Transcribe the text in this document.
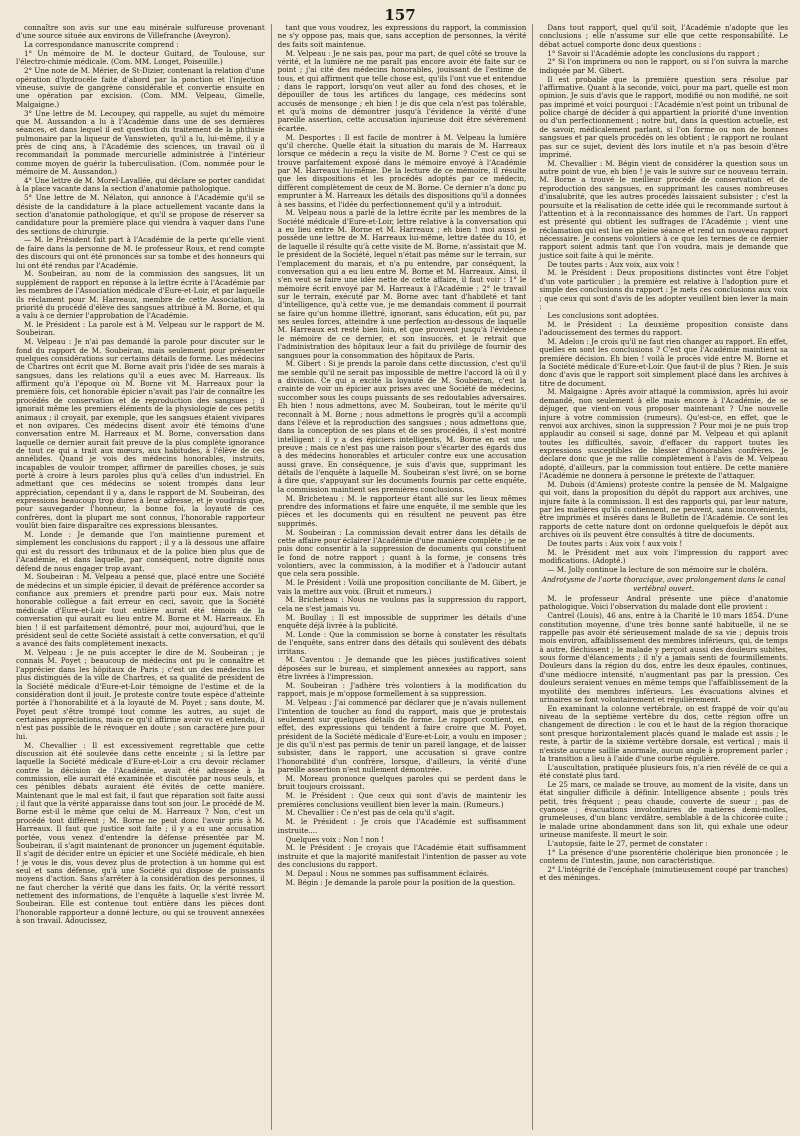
157

connaître son avis sur une eau minérale sulfureuse provenant d'une source située aux environs de Villefranche (Aveyron).

La correspondance manuscrite comprend :

1° Un mémoire de M. le docteur Guitard, de Toulouse, sur l'électro-chimie médicale. (Com. MM. Longet, Poiseuille.)

2° Une note de M. Mérier, de St-Dizier, contenant la relation d'une opération d'hydrocèle faite d'abord par la ponction et l'injection vineuse, suivie de gangrène considérable et convertie ensuite en une opération par excision. (Com. MM. Velpeau, Gimelle, Malgaigne.)

3° Une lettre de M. Lecoupey, qui rappelle, au sujet du mémoire que M. Aussandon a lu à l'Académie dans une de ses dernières séances, et dans lequel il est question du traitement de la phthisie pulmonaire par la liqueur de Vanswieten, qu'il a lu, lui-même, il y a près de cinq ans, à l'Académie des sciences, un travail où il recommandait la pommade mercurielle administrée à l'intérieur comme moyen de guérir la tuberculisation. (Com. nommée pour le mémoire de M. Aussandon.)

4° Une lettre de M. Morel-Lavallée, qui déclare se porter candidat à la place vacante dans la section d'anatomie pathologique.

5° Une lettre de M. Nélaton, qui annonce à l'Académie qu'il se désiste de la candidature à la place actuellement vacante dans la section d'anatomie pathologique, et qu'il se propose de réserver sa candidature pour la première place qui viendra à vaquer dans l'une des sections de chirurgie.

— M. le Président fait part à l'Académie de la perte qu'elle vient de faire dans la personne de M. le professeur Roux, et rend compte des discours qui ont été prononcés sur sa tombe et des honneurs qui lui ont été rendus par l'Académie.

M. Soubeiran, au nom de la commission des sangsues, lit un supplément de rapport en réponse à la lettre écrite à l'Académie par les membres de l'Association médicale d'Eure-et-Loir, et par laquelle ils réclament pour M. Harreaux, membre de cette Association, la priorité du procédé d'élève des sangsues attribué à M. Borne, et qui a valu à ce dernier l'approbation de l'Académie.

M. le Président : La parole est à M. Velpeau sur le rapport de M. Soubeiran.

M. Velpeau : Je n'ai pas demandé la parole pour discuter sur le fond du rapport de M. Soubeiran, mais seulement pour présenter quelques considérations sur certains détails de forme. Les médecins de Chartres ont écrit que M. Borne avait pris l'idée de ses marais à sangsues, dans les relations qu'il a eues avec M. Harreaux. Ils affirment qu'à l'époque où M. Borne vit M. Harreaux pour la première fois, cet honorable épicier n'avait pas l'air de connaître les procédés de conservation et de reproduction des sangsues ; il ignorait même les premiers éléments de la physiologie de ces petits animaux ; il croyait, par exemple, que les sangsues étaient vivipares et non ovipares. Ces médecins disent avoir été témoins d'une conversation entre M. Harreaux et M. Borne, conversation dans laquelle ce dernier aurait fait preuve de la plus complète ignorance de tout ce qui a trait aux mœurs, aux habitudes, à l'élève de ces annélides. Quand je vois des médecins honorables, instruits, incapables de vouloir tromper, affirmer de pareilles choses, je suis porté à croire à leurs paroles plus qu'à celles d'un industriel. En admettant que ces médecins se soient trompés dans leur appréciation, cependant il y a, dans le rapport de M. Soubeiran, des expressions beaucoup trop dures à leur adresse, et je voudrais que, pour sauvegarder l'honneur, la bonne foi, la loyauté de ces confrères, dont la plupart me sont connus, l'honorable rapporteur voulût bien faire disparaître ces expressions blessantes.

M. Londe : Je demande que l'on maintienne purement et simplement les conclusions du rapport ; il y a là dessous une affaire qui est du ressort des tribunaux et de la police bien plus que de l'Académie, et dans laquelle, par conséquent, notre dignité nous défend de nous engager trop avant.

M. Soubeiran : M. Velpeau a pensé que, placé entre une Société de médecins et un simple épicier, il devait de préférence accorder sa confiance aux premiers et prendre parti pour eux. Mais notre honorable collègue a fait erreur en ceci, savoir, que la Société médicale d'Eure-et-Loir tout entière aurait été témoin de la conversation qui aurait eu lieu entre M. Borne et M. Harreaux. Eh bien ! il est parfaitement démontré, pour moi, aujourd'hui, que le président seul de cette Société assistait à cette conversation, et qu'il a avancé des faits complètement inexacts.

M. Velpeau : Je ne puis accepter le dire de M. Soubeiran ; je connais M. Poyet ; beaucoup de médecins ont pu le connaître et l'apprécier dans les hôpitaux de Paris ; c'est un des médecins les plus distingués de la ville de Chartres, et sa qualité de président de la Société médicale d'Eure-et-Loir témoigne de l'estime et de la considération dont il jouit. Je proteste contre toute espèce d'atteinte portée à l'honorabilité et à la loyauté de M. Poyet ; sans doute, M. Poyet peut s'être trompé tout comme les autres, au sujet de certaines appréciations, mais ce qu'il affirme avoir vu et entendu, il n'est pas possible de le révoquer en doute ; son caractère jure pour lui.

M. Chevallier : Il est excessivement regrettable que cette discussion ait été soulevée dans cette enceinte ; si la lettre par laquelle la Société médicale d'Eure-et-Loir a cru devoir réclamer contre la décision de l'Académie, avait été adressée à la commission, elle aurait été examinée et discutée par nous seuls, et ces pénibles débats auraient été évités de cette manière. Maintenant que le mal est fait, il faut que réparation soit faite aussi ; il faut que la vérité apparaisse dans tout son jour. Le procédé de M. Borne est-il le même que celui de M. Harreaux ? Non, c'est un procédé tout différent ; M. Borne ne peut donc l'avoir pris à M. Harreaux. Il faut que justice soit faite ; il y a eu une accusation portée, vous venez d'entendre la défense présentée par M. Soubeiran, il s'agit maintenant de prononcer un jugement équitable. Il s'agit de décider entre un épicier et une Société médicale, eh bien ! je vous le dis, vous devez plus de protection à un homme qui est seul et sans défense, qu'à une Société qui dispose de puissants moyens d'action. Sans s'arrêter à la considération des personnes, il ne faut chercher la vérité que dans les faits. Or, la vérité ressort nettement des informations, de l'enquête à laquelle s'est livrée M. Soubeiran. Elle est contenue tout entière dans les pièces dont l'honorable rapporteur a donné lecture, ou qui se trouvent annexées à son travail. Adoucissez,

tant que vous voudrez, les expressions du rapport, la commission ne s'y oppose pas, mais que, sans acception de personnes, la vérité des faits soit maintenue.

M. Velpeau : Je ne sais pas, pour ma part, de quel côté se trouve la vérité, et la lumière ne me paraît pas encore avoir été faite sur ce point ; j'ai cité des médecins honorables, jouissant de l'estime de tous, et qui affirment que telle chose est, qu'ils l'ont vue et entendue ; dans le rapport, lorsqu'on veut aller au fond des choses, et le dépouiller de tous les artifices du langage, ces médecins sont accusés de mensonge ; eh bien ! je dis que cela n'est pas tolérable, et qu'à moins de démontrer jusqu'à l'évidence la vérité d'une pareille assertion, cette accusation injurieuse doit être sévèrement écartée.

M. Desportes : Il est facile de montrer à M. Velpeau la lumière qu'il cherche. Quelle était la situation du marais de M. Harreaux lorsque ce médecin a reçu la visite de M. Borne ? C'est ce qui se trouve parfaitement exposé dans le mémoire envoyé à l'Académie par M. Harreaux lui-même. De la lecture de ce mémoire, il résulte que les dispositions et les procédés adoptés par ce médecin, diffèrent complètement de ceux de M. Borne. Ce dernier n'a donc pu emprunter à M. Harreaux les détails des dispositions qu'il a données à ses bassins, et l'idée du perfectionnement qu'il y a introduit.

M. Velpeau nous a parlé de la lettre écrite par les membres de la Société médicale d'Eure-et-Loir, lettre relative à la conversation qui a eu lieu entre M. Borne et M. Harreaux ; eh bien ! moi aussi je possède une lettre de M. Harreaux lui-même, lettre datée du 10, et de laquelle il résulte qu'à cette visite de M. Borne, n'assistait que M. le président de la Société, lequel n'était pas même sur le terrain, sur l'emplacement du marais, et n'a pu entendre, par conséquent, la conversation qui a eu lieu entre M. Borne et M. Harreaux. Ainsi, il s'en veut se faire une idée nette de cette affaire, il faut voir : 1° le mémoire écrit envoyé par M. Harreaux à l'Académie ; 2° le travail sur le terrain, exécuté par M. Borne avec tant d'habileté et tant d'intelligence, qu'à cette vue, je me demandais comment il pourrait se faire qu'un homme illettré, ignorant, sans éducation, eût pu, par ses seules forces, atteindre à une perfection au-dessous de laquelle M. Harreaux est resté bien loin, et que prouvent jusqu'à l'évidence le mémoire de ce dernier, et son insuccès, et le retrait que l'administration des hôpitaux leur a fait du privilège de fournir des sangsues pour la consommation des hôpitaux de Paris.

M. Gibert : Si je prends la parole dans cette discussion, c'est qu'il me semble qu'il ne serait pas impossible de mettre l'accord là où il y a division. Ce qui a excité la loyauté de M. Soubeiran, c'est la crainte de voir un épicier aux prises avec une Société de médecins, succomber sous les coups puissants de ses redoutables adversaires. Eh bien ! nous admettons, avec M. Soubeiran, tout le mérite qu'il reconnaît à M. Borne ; nous admettons le progrès qu'il a accompli dans l'élève et la reproduction des sangsues ; nous admettons que, dans la conception de ses plans et de ses procédés, il s'est montré intelligent : il y a des épiciers intelligents, M. Borne en est une preuve ; mais ce n'est pas une raison pour s'écarter des égards dus à des médecins honorables et articuler contre eux une accusation aussi grave. En conséquence, je suis d'avis que, supprimant les détails de l'enquête à laquelle M. Soubeiran s'est livré, on se borne à dire que, s'appuyant sur les documents fournis par cette enquête, la commission maintient ses premières conclusions.

M. Bricheteau : M. le rapporteur étant allé sur les lieux mêmes prendre des informations et faire une enquête, il me semble que les pièces et les documents qui en résultent ne peuvent pas être supprimés.

M. Soubeiran : La commission devait entrer dans les détails de cette affaire pour éclairer l'Académie d'une manière complète ; je ne puis donc consentir à la suppression de documents qui constituent le fond de notre rapport ; quant à la forme, je consens très volontiers, avec la commission, à la modifier et à l'adoucir autant que cela sera possible.

M. le Président : Voilà une proposition conciliante de M. Gibert, je vais la mettre aux voix. (Bruit et rumeurs.)

M. Bricheteau : Nous ne voulons pas la suppression du rapport, cela ne s'est jamais vu.

M. Boullay : Il est impossible de supprimer les détails d'une enquête déjà livrée à la publicité.

M. Londe : Que la commission se borne à constater les résultats de l'enquête, sans entrer dans des détails qui soulèvent des débats irritans.

M. Caventou : Je demande que les pièces justificatives soient déposées sur le bureau, et simplement annexées au rapport, sans être livrées à l'impression.

M. Soubeiran : J'adhère très volontiers à la modification du rapport, mais je m'oppose formellement à sa suppression.

M. Velpeau : J'ai commencé par déclarer que je n'avais nullement l'intention de toucher au fond du rapport, mais que je protestais seulement sur quelques détails de forme. Le rapport contient, en effet, des expressions qui tendent à faire croire que M. Poyet, président de la Société médicale d'Eure-et-Loir, a voulu en imposer ; je dis qu'il n'est pas permis de tenir un pareil langage, et de laisser subsister, dans le rapport, une accusation si grave contre l'honorabilité d'un confrère, lorsque, d'ailleurs, la vérité d'une pareille assertion n'est nullement démontrée.

M. Moreau prononce quelques paroles qui se perdent dans le bruit toujours croissant.

M. le Président : Que ceux qui sont d'avis de maintenir les premières conclusions veuillent bien lever la main. (Rumeurs.)

M. Chevallier : Ce n'est pas de cela qu'il s'agit.

M. le Président : Je crois que l'Académie est suffisamment instruite....

Quelques voix : Non ! non !

M. le Président : Je croyais que l'Académie était suffisamment instruite et que la majorité manifestait l'intention de passer au vote des conclusions du rapport.

M. Depaul : Nous ne sommes pas suffisamment éclairés.

M. Bégin : Je demande la parole pour la position de la question.

Dans tout rapport, quel qu'il soit, l'Académie n'adopte que les conclusions ; elle n'assume sur elle que cette responsabilité. Le débat actuel comporte donc deux questions :

1° Savoir si l'Académie adopte les conclusions du rapport ;

2° Si l'on imprimera ou non le rapport, ou si l'on suivra la marche indiquée par M. Gibert.

Il est probable que la première question sera résolue par l'affirmative. Quant à la seconde, voici, pour ma part, quelle est mon opinion. Je suis d'avis que le rapport, modifié ou non modifié, ne soit pas imprimé et voici pourquoi : l'Académie n'est point un tribunal de police chargé de décider à qui appartient la priorité d'une invention ou d'un perfectionnement ; notre but, dans la question actuelle, est de savoir, médicalement parlant, si l'on forme ou non de bonnes sangsues et par quels procédés on les obtient ; le rapport ne roulant pas sur ce sujet, devient dès lors inutile et n'a pas besoin d'être imprimé.

M. Chevallier : M. Bégin vient de considérer la question sous un autre point de vue, eh bien ! je vais le suivre sur ce nouveau terrain. M. Borne a trouvé le meilleur procédé de conservation et de reproduction des sangsues, en supprimant les causes nombreuses d'insalubrité, que les autres procédés laissaient subsister ; c'est la poursuite et la réalisation de cette idée qui le recommande surtout à l'attention et à la reconnaissance des hommes de l'art. Un rapport est présenté qui obtient les suffrages de l'Académie ; vient une réclamation qui est lue en pleine séance et rend un nouveau rapport nécessaire. Je consens volontiers à ce que les termes de ce dernier rapport soient admis tant que l'on voudra, mais je demande que justice soit faite à qui le mérite.

De toutes parts : Aux voix, aux voix !

M. le Président : Deux propositions distinctes vont être l'objet d'un vote particulier ; la première est relative à l'adoption pure et simple des conclusions du rapport : Je mets ces conclusions aux voix ; que ceux qui sont d'avis de les adopter veuillent bien lever la main :

Les conclusions sont adoptées.

M. le Président : La deuxième proposition consiste dans l'adoucissement des termes du rapport.

M. Adelon : Je crois qu'il ne faut rien changer au rapport. En effet, quelles en sont les conclusions ? C'est que l'Académie maintient sa première décision. Eh bien ! voilà le procès vidé entre M. Borne et la Société médicale d'Eure-et-Loir. Que faut-il de plus ? Rien. Je suis donc d'avis que le rapport soit simplement placé dans les archives à titre de document.

M. Malgaigne : Après avoir attaqué la commission, après lui avoir demandé, non seulement à elle mais encore à l'Académie, de se déjuger, que vient-on vous proposer maintenant ? Une nouvelle injure à votre commission (rumeurs). Qu'est-ce, en effet, que le renvoi aux archives, sinon la suppression ? Pour moi je ne puis trop applaudir au conseil si sage, donné par M. Velpeau et qui aplanit toutes les difficultés, savoir, d'effacer du rapport toutes les expressions susceptibles de blesser d'honorables confrères. Je déclare donc que je me rallie complètement à l'avis de M. Velpeau adopté, d'ailleurs, par la commission tout entière. De cette manière l'Académie ne donnera à personne le prétexte de l'attaquer.

M. Dubois (d'Amiens) proteste contre la pensée de M. Malgaigne qui voit, dans la proposition du dépôt du rapport aux archives, une injure faite à la commission. Il est des rapports qui, par leur nature, par les matières qu'ils contiennent, ne peuvent, sans inconvénients, être imprimés et insérés dans le Bulletin de l'Académie. Ce sont les rapports de cette nature dont on ordonne quelquefois le dépôt aux archives où ils peuvent être consultés à titre de documents.

De toutes parts : Aux voix ! aux voix !

M. le Président met aux voix l'impression du rapport avec modifications. (Adopté.)

— M. Jolly continue la lecture de son mémoire sur le choléra.

Androtysme de l'aorte thoracique, avec prolongement dans le canal vertébral ouvert.

M. le professeur Andral présente une pièce d'anatomie pathologique. Voici l'observation du malade dont elle provient :

Cantrel (Louis), 46 ans, entre à la Charité le 10 mars 1854. D'une constitution moyenne, d'une très bonne santé habituelle, il ne se rappelle pas avoir été sérieusement malade de sa vie ; depuis trois mois environ, affaiblissement des membres inférieurs, qui, de temps à autre, fléchissent ; le malade y perçoit aussi des douleurs subites, sous forme d'élancements ; il n'y a jamais senti de fourmillements. Douleurs dans la région du dos, entre les deux épaules, continues, d'une médiocre intensité, n'augmentant pas par la pression. Ces douleurs seraient venues en même temps que l'affaiblissement de la myotilité des membres inférieurs. Les évacuations alvines et urinaires se font volontairement et régulièrement.

En examinant la colonne vertébrale, on est frappé de voir qu'au niveau de la septième vertèbre du dos, cette région offre un changement de direction : le cou et le haut de la région thoracique sont presque horizontalement placés quand le malade est assis ; le reste, à partir de la sixième vertèbre dorsale, est vertical ; mais il n'existe aucune saillie anormale, aucun angle à proprement parler ; la transition a lieu à l'aide d'une courbe régulière.

L'auscultation, pratiquée plusieurs fois, n'a rien révélé de ce qui a été constaté plus tard.

Le 25 mars, ce malade se trouve, au moment de la visite, dans un état singulier difficile à définir. Intelligence absente ; pouls très petit, très fréquent ; peau chaude, couverte de sueur ; pas de cyanose ; évacuations involontaires de matières demi-molles, grumeleuses, d'un blanc verdâtre, semblable à de la chicorée cuite ; le malade urine abondamment dans son lit, qui exhale une odeur urineuse manifeste. Il meurt le soir.

L'autopsie, faite le 27, permet de constater :

1° La présence d'une psorentérie cholérique bien prononcée ; le contenu de l'intestin, jaune, non caractéristique.

2° L'intégrité de l'encéphale (minutieusement coupé par tranches) et des méninges.
